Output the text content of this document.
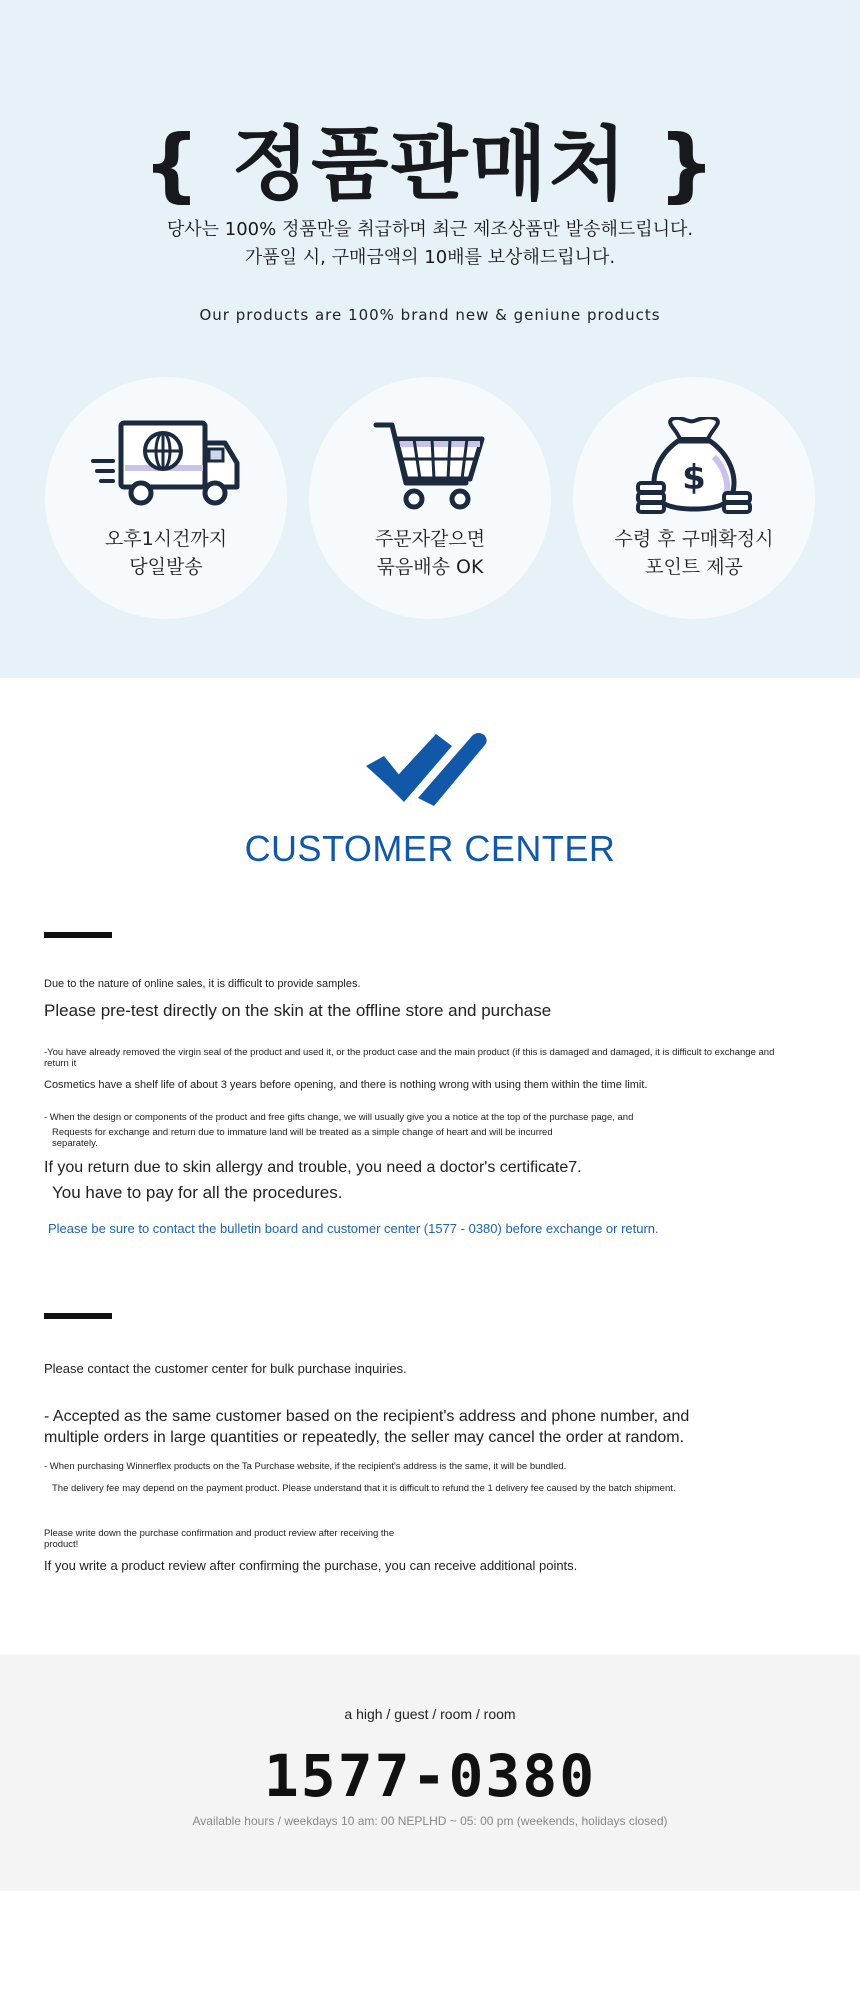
{ 정품판매처 }
당사는 100% 정품만을 취급하며 최근 제조상품만 발송해드립니다.
가품일 시, 구매금액의 10배를 보상해드립니다.
Our products are 100% brand new & geniune products
오후1시건까지
당일발송
주문자같으면
묶음배송 OK
$
수령 후 구매확정시
포인트 제공
CUSTOMER CENTER
Due to the nature of online sales, it is difficult to provide samples.
Please pre-test directly on the skin at the offline store and purchase
-You have already removed the virgin seal of the product and used it, or the product case and the main product (if this is damaged and damaged, it is difficult to exchange and return it
Cosmetics have a shelf life of about 3 years before opening, and there is nothing wrong with using them within the time limit.
- When the design or components of the product and free gifts change, we will usually give you a notice at the top of the purchase page, and
Requests for exchange and return due to immature land will be treated as a simple change of heart and will be incurred separately.
If you return due to skin allergy and trouble, you need a doctor's certificate7.
You have to pay for all the procedures.
Please be sure to contact the bulletin board and customer center (1577 - 0380) before exchange or return.
Please contact the customer center for bulk purchase inquiries.
- Accepted as the same customer based on the recipient's address and phone number, and
multiple orders in large quantities or repeatedly, the seller may cancel the order at random.
- When purchasing Winnerflex products on the Ta Purchase website, if the recipient's address is the same, it will be bundled.
The delivery fee may depend on the payment product. Please understand that it is difficult to refund the 1 delivery fee caused by the batch shipment.
Please write down the purchase confirmation and product review after receiving the product!
If you write a product review after confirming the purchase, you can receive additional points.
a high / guest / room / room
1577-0380
Available hours / weekdays 10 am: 00 NEPLHD ~ 05: 00 pm (weekends, holidays closed)
